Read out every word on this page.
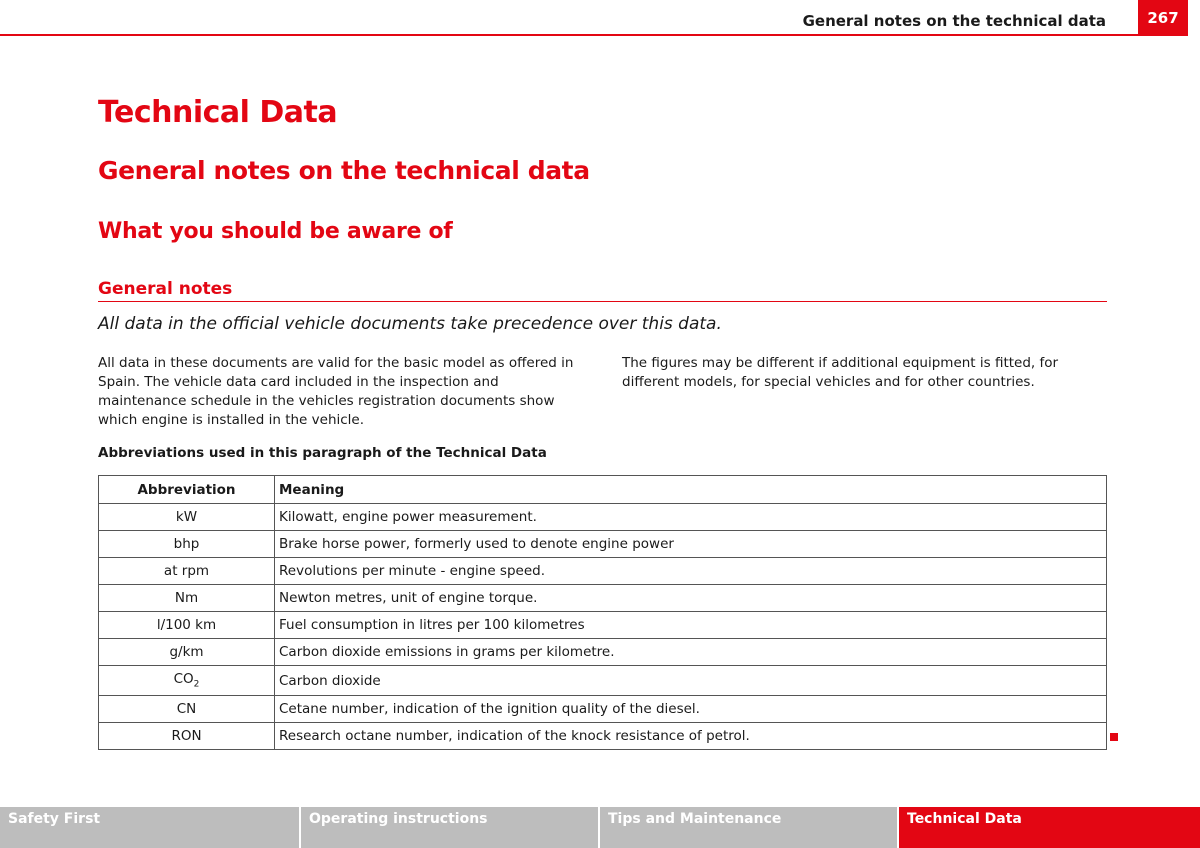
General notes on the technical data	267
Technical Data
General notes on the technical data
What you should be aware of
General notes
All data in the official vehicle documents take precedence over this data.
All data in these documents are valid for the basic model as offered in Spain. The vehicle data card included in the inspection and maintenance schedule in the vehicles registration documents show which engine is installed in the vehicle.
The figures may be different if additional equipment is fitted, for different models, for special vehicles and for other countries.
Abbreviations used in this paragraph of the Technical Data
Abbreviation	Meaning
kW	Kilowatt, engine power measurement.
bhp	Brake horse power, formerly used to denote engine power
at rpm	Revolutions per minute - engine speed.
Nm	Newton metres, unit of engine torque.
l/100 km	Fuel consumption in litres per 100 kilometres
g/km	Carbon dioxide emissions in grams per kilometre.
$CO_2$	Carbon dioxide
CN	Cetane number, indication of the ignition quality of the diesel.
RON	Research octane number, indication of the knock resistance of petrol.
Safety First	Operating instructions	Tips and Maintenance	Technical Data
